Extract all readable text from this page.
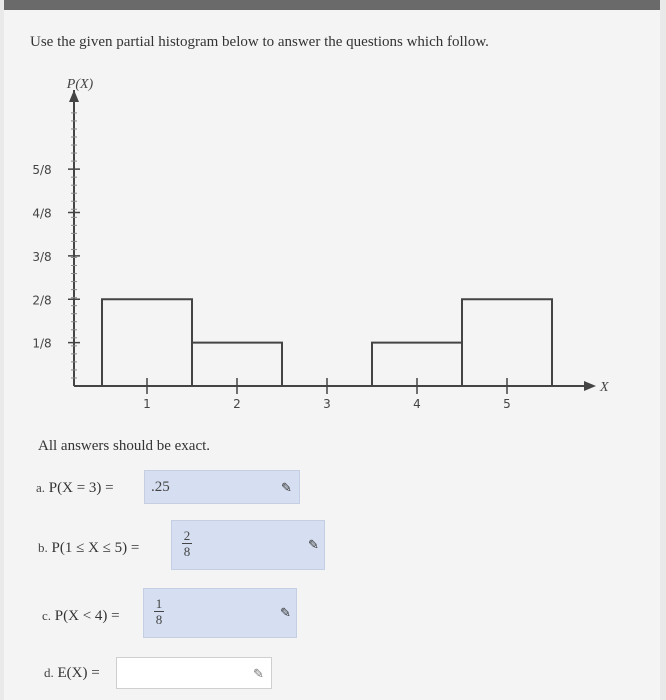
Use the given partial histogram below to answer the questions which follow.
1/8
2/8
3/8
4/8
5/8
P(X)
X
1	2	3	4	5
All answers should be exact.
a. P(X = 3) = .25	✎
b. P(1 ≤ X ≤ 5) =
2
8	✎
c. P(X < 4) =
1
8	✎
d. E(X) =	✎
